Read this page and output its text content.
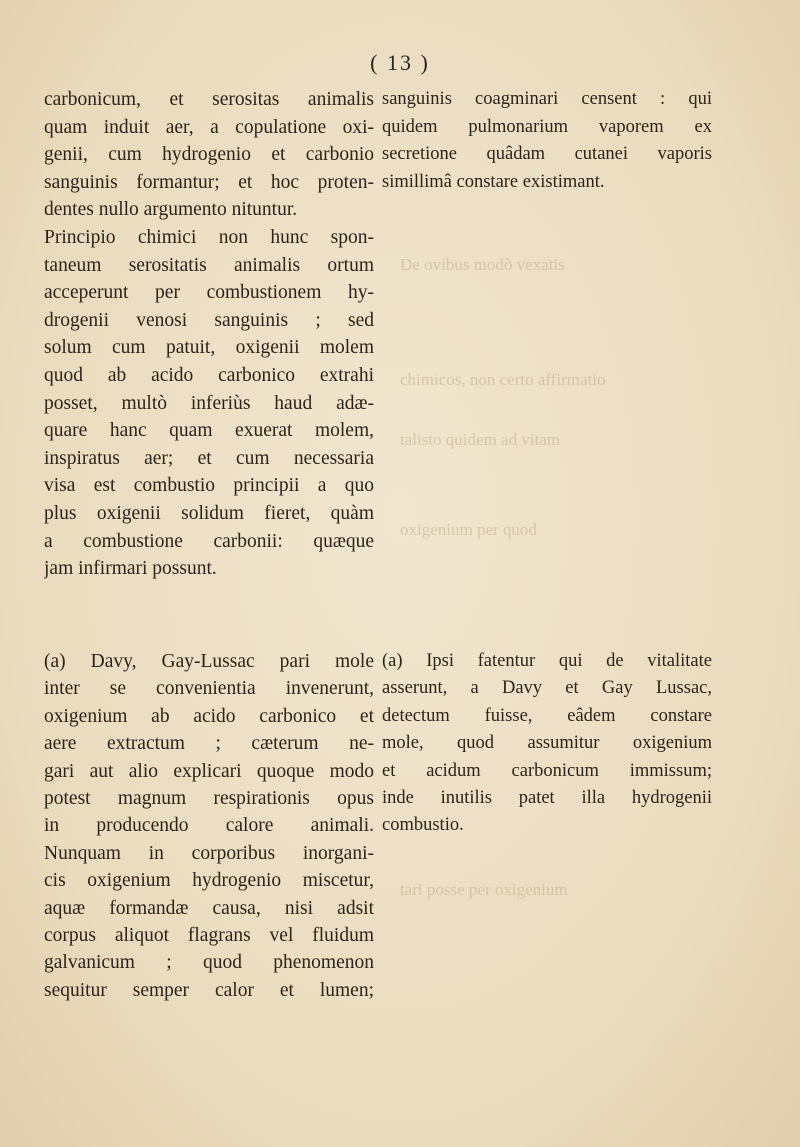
De ovibus modò vexatis
chimicos, non certo affirmatio
talisto quidem ad vitam
oxigenium per quod
tari posse per oxigenium
( 13 )
carbonicum, et serositas animalis
quam induit aer, a copulatione oxi-
genii, cum hydrogenio et carbonio
sanguinis formantur; et hoc proten-
dentes nullo argumento nituntur.
Principio chimici non hunc spon-
taneum serositatis animalis ortum
acceperunt per combustionem hy-
drogenii venosi sanguinis ; sed
solum cum patuit, oxigenii molem
quod ab acido carbonico extrahi
posset, multò inferiùs haud adæ-
quare hanc quam exuerat molem,
inspiratus aer; et cum necessaria
visa est combustio principii a quo
plus oxigenii solidum fieret, quàm
a combustione carbonii: quæque
jam infirmari possunt.
sanguinis coagminari censent : qui
quidem pulmonarium vaporem ex
secretione quâdam cutanei vaporis
simillimâ constare existimant.
(a) Davy, Gay-Lussac pari mole
inter se convenientia invenerunt,
oxigenium ab acido carbonico et
aere extractum ; cæterum ne-
gari aut alio explicari quoque modo
potest magnum respirationis opus
in producendo calore animali.
Nunquam in corporibus inorgani-
cis oxigenium hydrogenio miscetur,
aquæ formandæ causa, nisi adsit
corpus aliquot flagrans vel fluidum
galvanicum ; quod phenomenon
sequitur semper calor et lumen;
(a) Ipsi fatentur qui de vitalitate
asserunt, a Davy et Gay Lussac,
detectum fuisse, eâdem constare
mole, quod assumitur oxigenium
et acidum carbonicum immissum;
inde inutilis patet illa hydrogenii
combustio.
